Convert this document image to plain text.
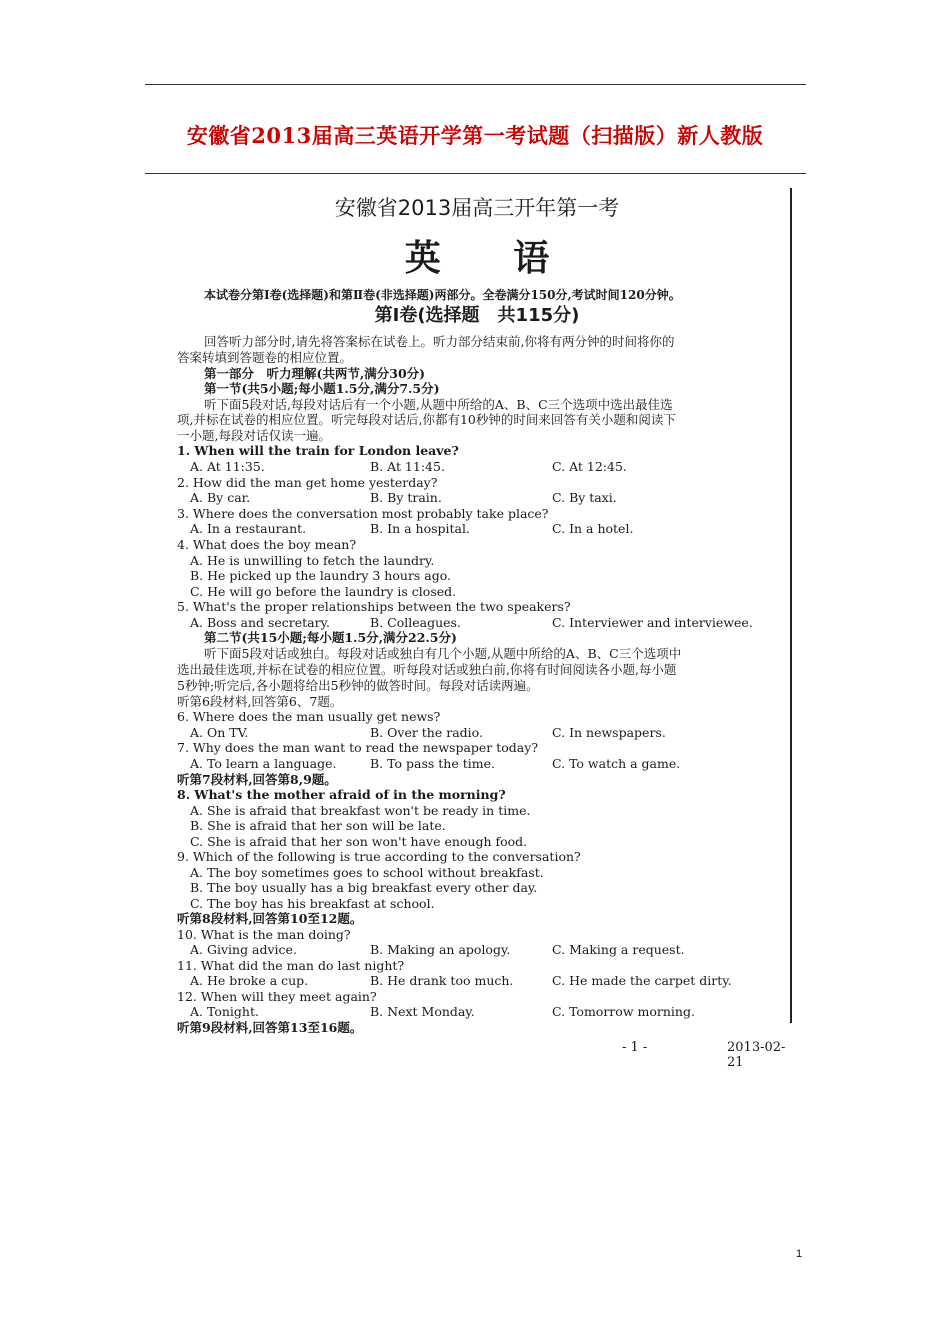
安徽省2013届高三英语开学第一考试题（扫描版）新人教版
安徽省2013届高三开年第一考
英 语
本试卷分第Ⅰ卷(选择题)和第Ⅱ卷(非选择题)两部分。全卷满分150分,考试时间120分钟。
第Ⅰ卷(选择题　共115分)
回答听力部分时,请先将答案标在试卷上。听力部分结束前,你将有两分钟的时间将你的
答案转填到答题卷的相应位置。
第一部分　听力理解(共两节,满分30分)
第一节(共5小题;每小题1.5分,满分7.5分)
听下面5段对话,每段对话后有一个小题,从题中所给的A、B、C三个选项中选出最佳选
项,并标在试卷的相应位置。听完每段对话后,你都有10秒钟的时间来回答有关小题和阅读下
一小题,每段对话仅读一遍。
1. When will the train for London leave?
A. At 11:35.	B. At 11:45.	C. At 12:45.
2. How did the man get home yesterday?
A. By car.	B. By train.	C. By taxi.
3. Where does the conversation most probably take place?
A. In a restaurant.	B. In a hospital.	C. In a hotel.
4. What does the boy mean?
A. He is unwilling to fetch the laundry.
B. He picked up the laundry 3 hours ago.
C. He will go before the laundry is closed.
5. What's the proper relationships between the two speakers?
A. Boss and secretary.	B. Colleagues.	C. Interviewer and interviewee.
第二节(共15小题;每小题1.5分,满分22.5分)
听下面5段对话或独白。每段对话或独白有几个小题,从题中所给的A、B、C三个选项中
选出最佳选项,并标在试卷的相应位置。听每段对话或独白前,你将有时间阅读各小题,每小题
5秒钟;听完后,各小题将给出5秒钟的做答时间。每段对话读两遍。
听第6段材料,回答第6、7题。
6. Where does the man usually get news?
A. On TV.	B. Over the radio.	C. In newspapers.
7. Why does the man want to read the newspaper today?
A. To learn a language.	B. To pass the time.	C. To watch a game.
听第7段材料,回答第8,9题。
8. What's the mother afraid of in the morning?
A. She is afraid that breakfast won't be ready in time.
B. She is afraid that her son will be late.
C. She is afraid that her son won't have enough food.
9. Which of the following is true according to the conversation?
A. The boy sometimes goes to school without breakfast.
B. The boy usually has a big breakfast every other day.
C. The boy has his breakfast at school.
听第8段材料,回答第10至12题。
10. What is the man doing?
A. Giving advice.	B. Making an apology.	C. Making a request.
11. What did the man do last night?
A. He broke a cup.	B. He drank too much.	C. He made the carpet dirty.
12. When will they meet again?
A. Tonight.	B. Next Monday.	C. Tomorrow morning.
听第9段材料,回答第13至16题。
- 1 -	2013-02-21
1
